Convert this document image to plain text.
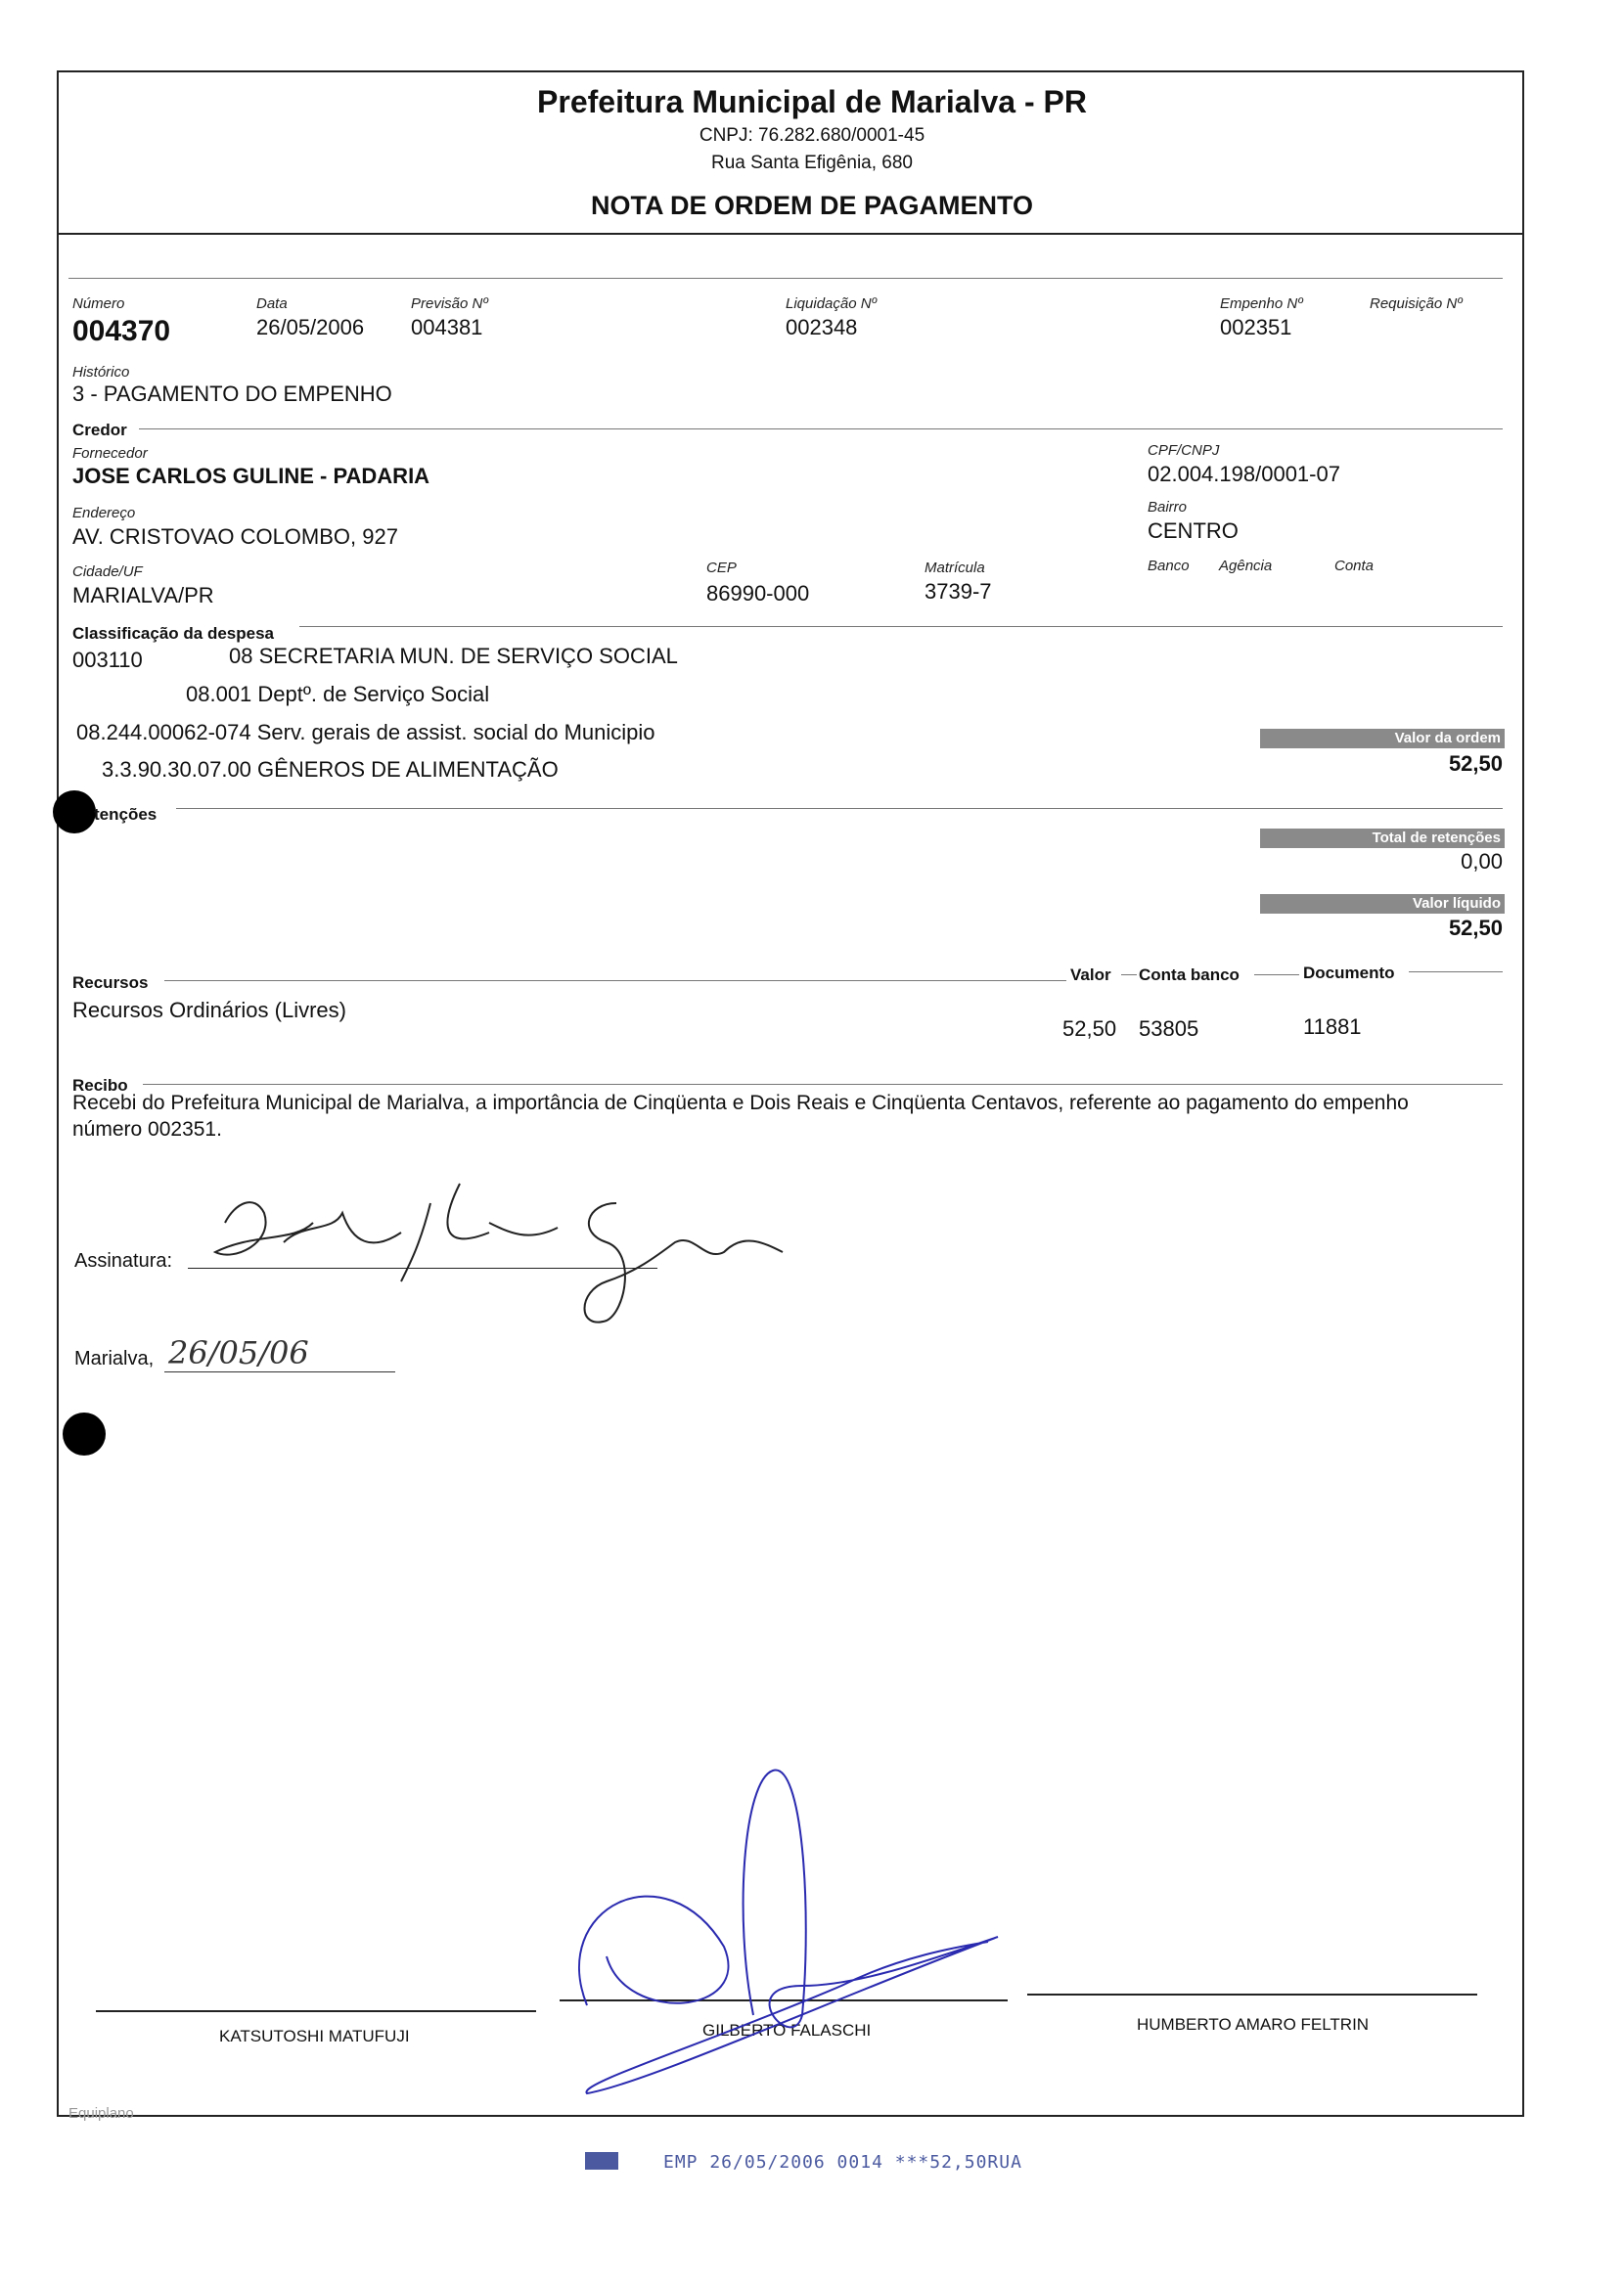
Prefeitura Municipal de Marialva - PR
CNPJ: 76.282.680/0001-45
Rua Santa Efigênia, 680
NOTA DE ORDEM DE PAGAMENTO
Número
004370
Data
26/05/2006
Previsão Nº
004381
Liquidação Nº
002348
Empenho Nº
002351
Requisição Nº
Histórico
3 - PAGAMENTO DO EMPENHO
Credor
Fornecedor
JOSE CARLOS GULINE - PADARIA
CPF/CNPJ
02.004.198/0001-07
Endereço
AV. CRISTOVAO COLOMBO, 927
Bairro
CENTRO
Cidade/UF
MARIALVA/PR
CEP
86990-000
Matrícula
3739-7
Banco Agência	Conta
Classificação da despesa
003110	08 SECRETARIA MUN. DE SERVIÇO SOCIAL
08.001 Deptº. de Serviço Social
08.244.00062-074 Serv. gerais de assist. social do Municipio
3.3.90.30.07.00 GÊNEROS DE ALIMENTAÇÃO
Valor da ordem
52,50
tenções
Total de retenções
0,00
Valor líquido
52,50
Recursos	Valor Conta banco	Documento
Recursos Ordinários (Livres)
52,50 53805	11881
Recibo
Recebi do Prefeitura Municipal de Marialva, a importância de Cinqüenta e Dois Reais e Cinqüenta Centavos, referente ao pagamento do empenho
número 002351.
Assinatura:
Marialva, 26/05/06
KATSUTOSHI MATUFUJI	GILBERTO FALASCHI	HUMBERTO AMARO FELTRIN
Equiplano
EMP 26/05/2006 0014 ***52,50RUA
